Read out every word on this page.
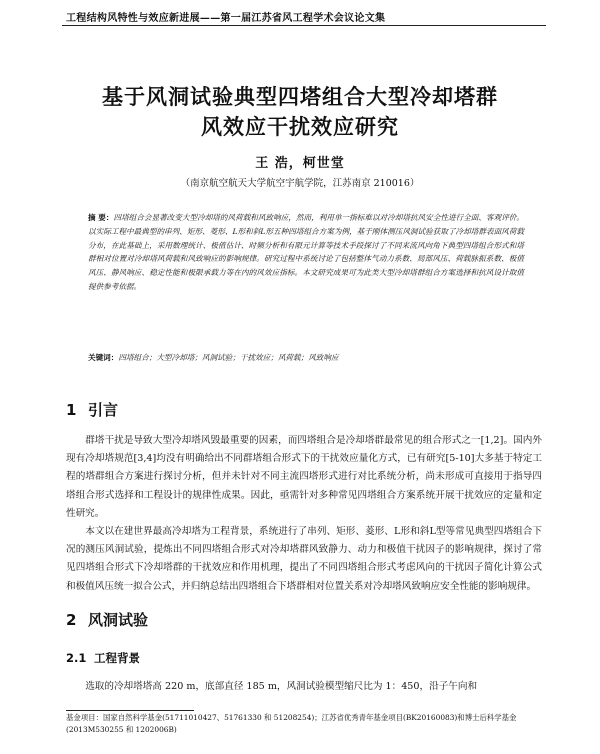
工程结构风特性与效应新进展——第一届江苏省风工程学术会议论文集
基于风洞试验典型四塔组合大型冷却塔群
风效应干扰效应研究
王 浩，柯世堂
（南京航空航天大学航空宇航学院，江苏南京 210016）
摘 要：四塔组合会显著改变大型冷却塔的风荷载和风致响应，然而，利用单一指标难以对冷却塔抗风安全性进行全面、客观评价。以实际工程中最典型的串列、矩形、菱形、L形和斜L形五种四塔组合方案为例，基于刚体测压风洞试验获取了冷却塔群表面风荷载分布，在此基础上，采用数理统计、极值估计、时频分析和有限元计算等技术手段探讨了不同来流风向角下典型四塔组合形式和塔群相对位置对冷却塔风荷载和风致响应的影响规律。研究过程中系统讨论了包括整体气动力系数、局部风压、荷载脉振系数、极值风压、静风响应、稳定性能和极限承载力等在内的风效应指标。本文研究成果可为此类大型冷却塔群组合方案选择和抗风设计取值提供参考依据。
关键词：四塔组合；大型冷却塔；风洞试验；干扰效应；风荷载；风致响应
1 引言

群塔干扰是导致大型冷却塔风毁最重要的因素，而四塔组合是冷却塔群最常见的组合形式之一[1,2]。国内外现有冷却塔规范[3,4]均没有明确给出不同群塔组合形式下的干扰效应量化方式，已有研究[5-10]大多基于特定工程的塔群组合方案进行探讨分析，但并未针对不同主流四塔形式进行对比系统分析，尚未形成可直接用于指导四塔组合形式选择和工程设计的规律性成果。因此，亟需针对多种常见四塔组合方案系统开展干扰效应的定量和定性研究。

本文以在建世界最高冷却塔为工程背景，系统进行了串列、矩形、菱形、L形和斜L型等常见典型四塔组合下况的测压风洞试验，提炼出不同四塔组合形式对冷却塔群风致静力、动力和极值干扰因子的影响规律，探讨了常见四塔组合形式下冷却塔群的干扰效应和作用机理，提出了不同四塔组合形式考虑风向的干扰因子简化计算公式和极值风压统一拟合公式，并归纳总结出四塔组合下塔群相对位置关系对冷却塔风致响应安全性能的影响规律。

2 风洞试验
2.1 工程背景

选取的冷却塔塔高 220 m，底部直径 185 m，风洞试验模型缩尺比为 1：450，沿子午向和

基金项目：国家自然科学基金(51711010427、51761330 和 51208254)；江苏省优秀青年基金项目(BK20160083)和博士后科学基金(2013M530255 和 1202006B)
